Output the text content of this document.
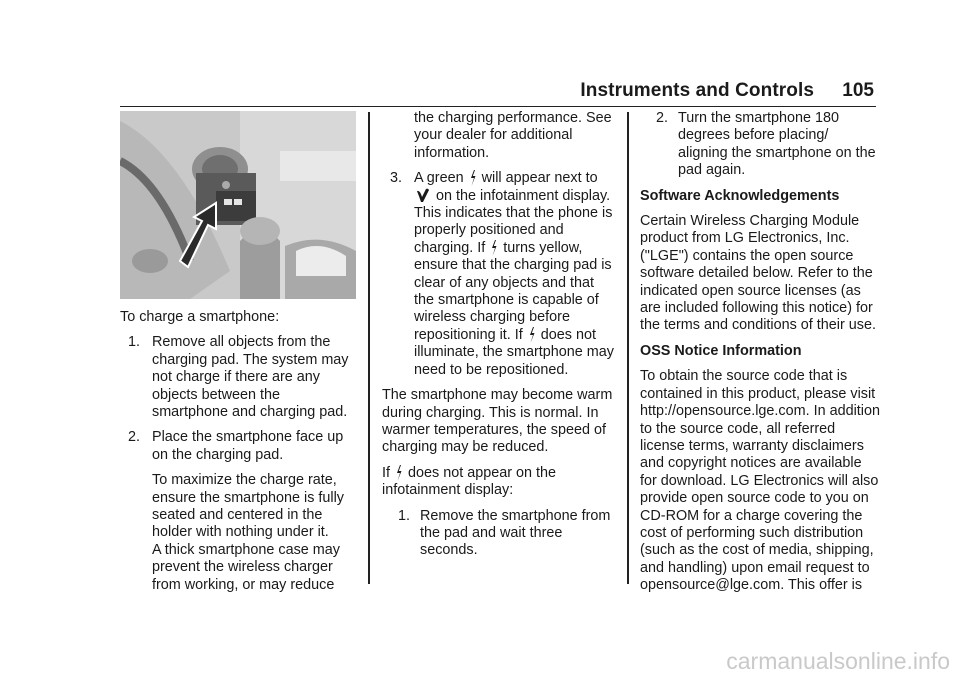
Instruments and Controls 105

To charge a smartphone:

1. Remove all objects from the charging pad. The system may not charge if there are any objects between the smartphone and charging pad.
2. Place the smartphone face up on the charging pad.

To maximize the charge rate, ensure the smartphone is fully seated and centered in the holder with nothing under it.

A thick smartphone case may prevent the wireless charger from working, or may reduce

the charging performance. See your dealer for additional information.

3. A green will appear next to  on the infotainment display. This indicates that the phone is properly positioned and charging. If turns yellow, ensure that the charging pad is clear of any objects and that the smartphone is capable of wireless charging before repositioning it. If does not illuminate, the smartphone may need to be repositioned.

The smartphone may become warm during charging. This is normal. In warmer temperatures, the speed of charging may be reduced.

If does not appear on the infotainment display:

1. Remove the smartphone from the pad and wait three seconds.
2. Turn the smartphone 180 degrees before placing/ aligning the smartphone on the pad again.

Software Acknowledgements

Certain Wireless Charging Module product from LG Electronics, Inc. ("LGE") contains the open source software detailed below. Refer to the indicated open source licenses (as are included following this notice) for the terms and conditions of their use.

OSS Notice Information

To obtain the source code that is contained in this product, please visit http://opensource.lge.com. In addition to the source code, all referred license terms, warranty disclaimers and copyright notices are available for download. LG Electronics will also provide open source code to you on CD-ROM for a charge covering the cost of performing such distribution (such as the cost of media, shipping, and handling) upon email request to opensource@lge.com. This offer is

carmanualsonline.info
